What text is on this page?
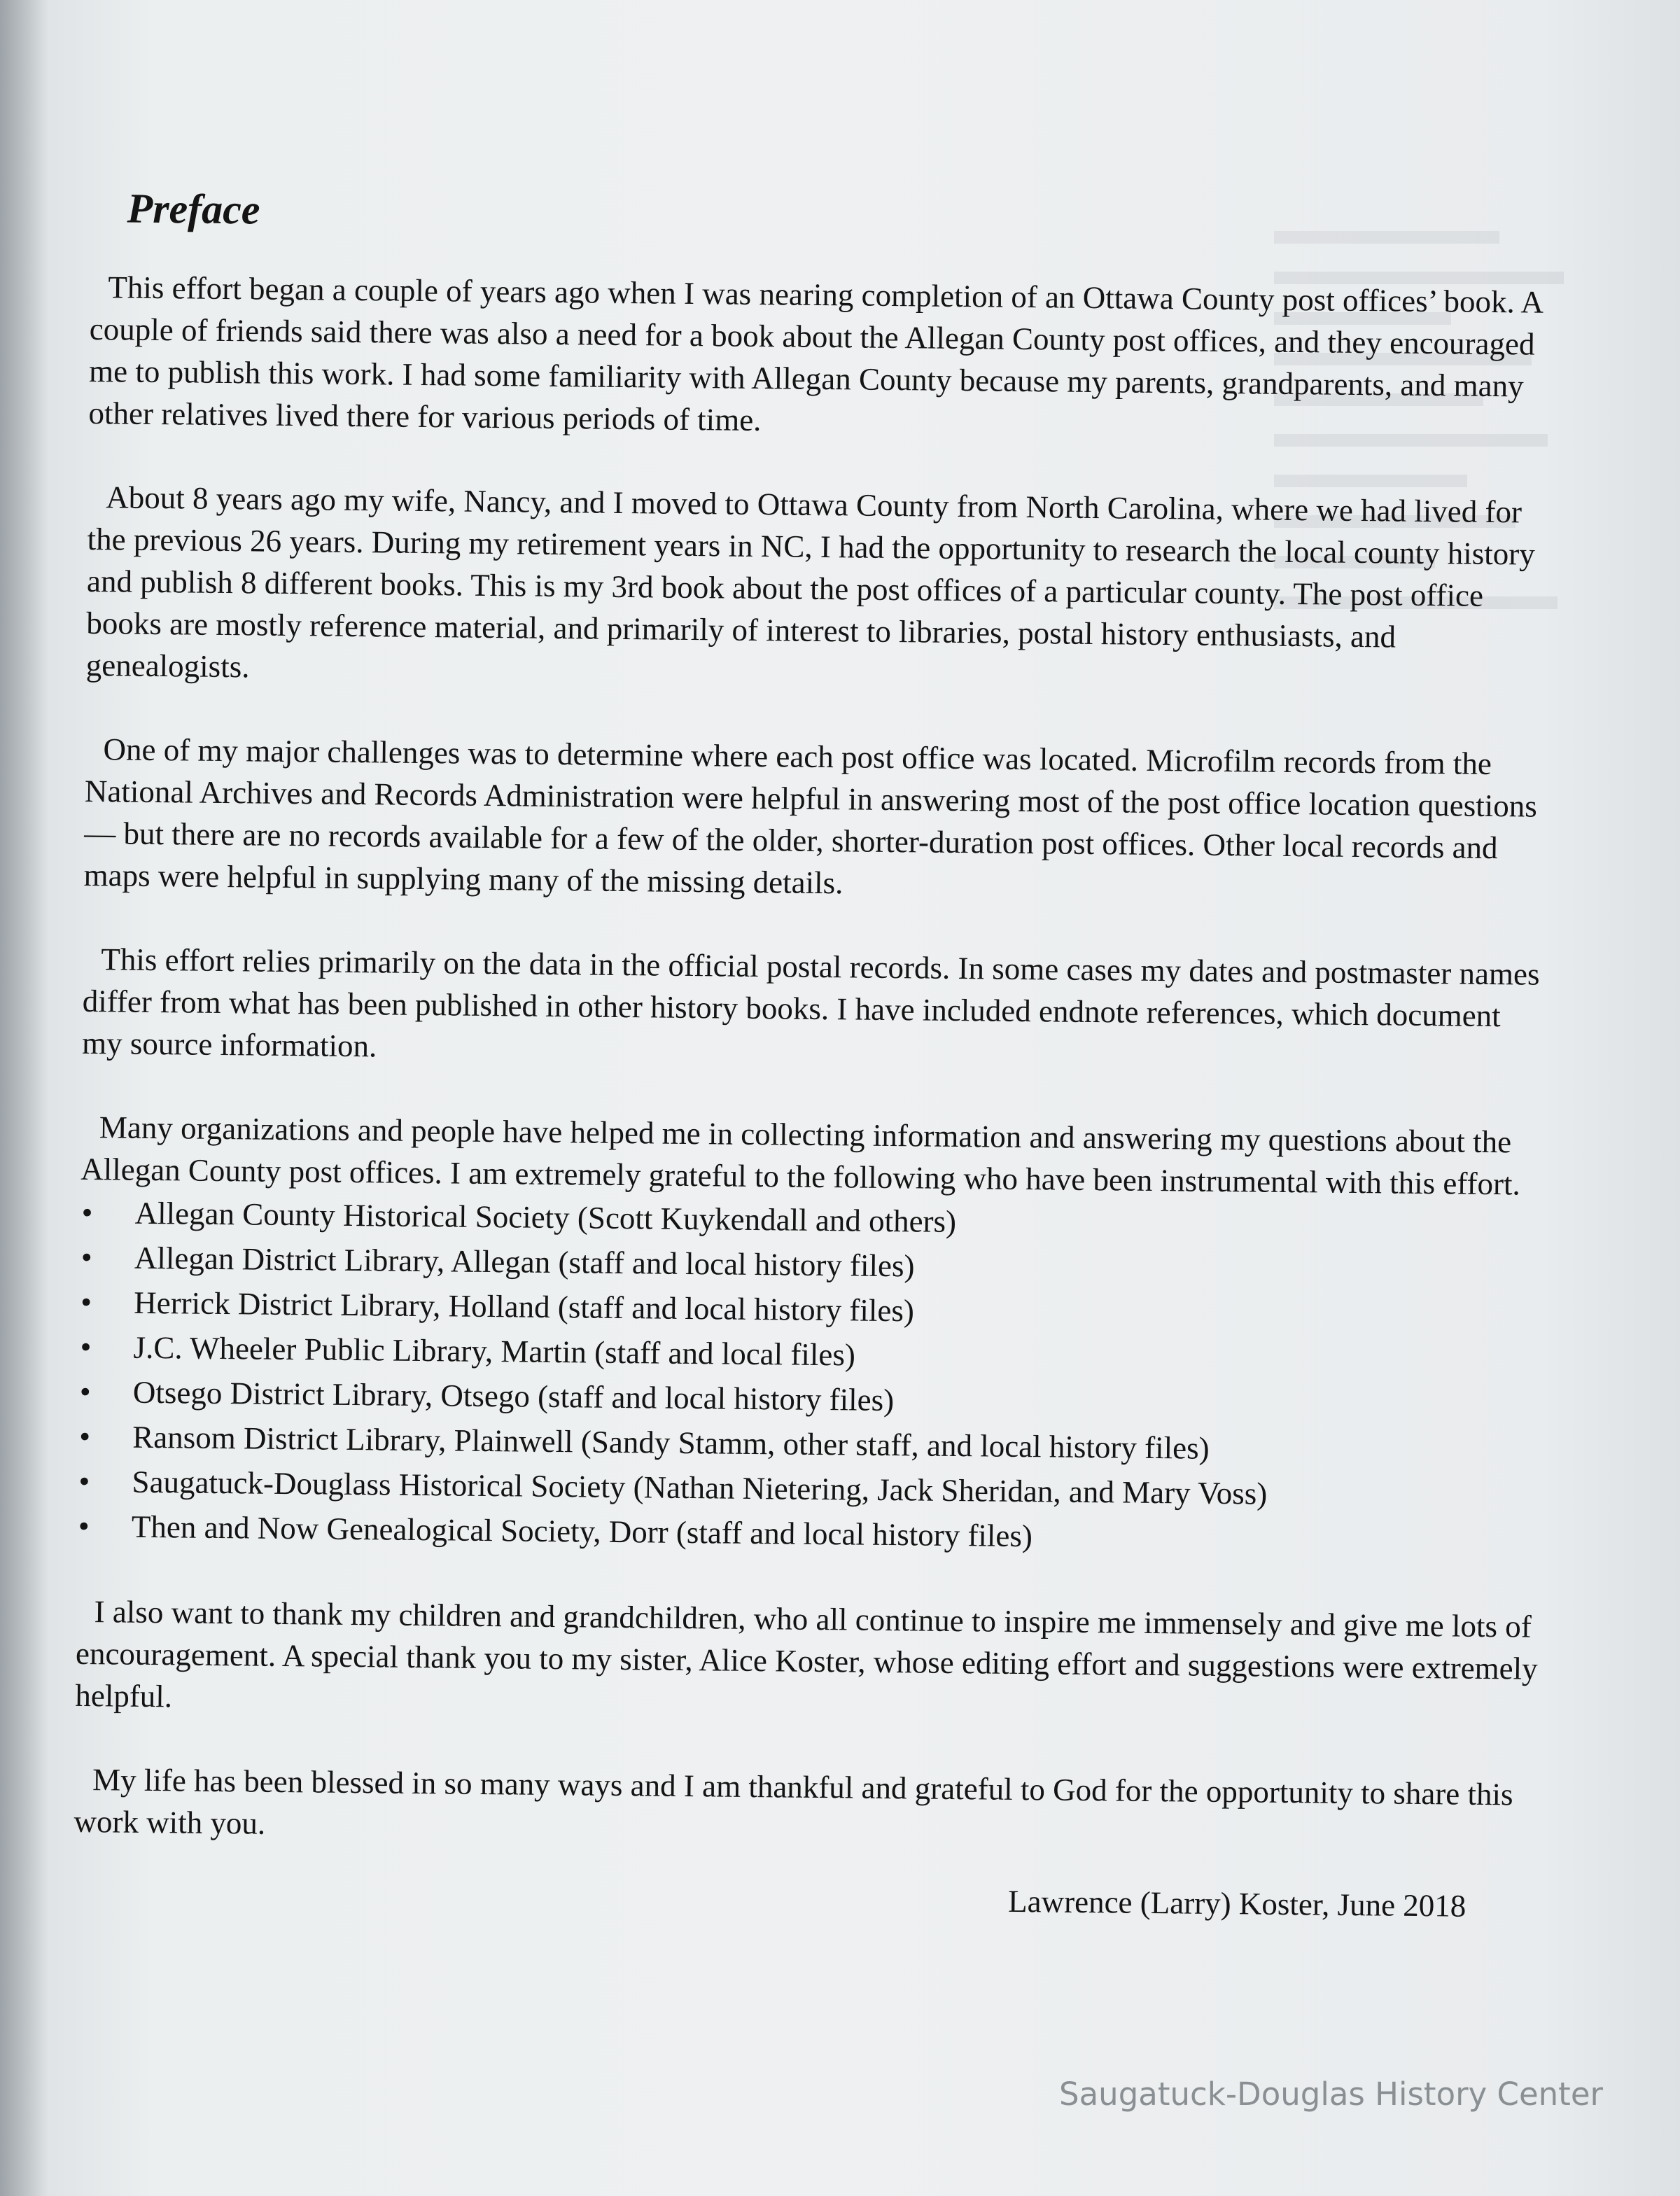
Preface

This effort began a couple of years ago when I was nearing completion of an Ottawa County post offices’ book. A couple of friends said there was also a need for a book about the Allegan County post offices, and they encouraged me to publish this work. I had some familiarity with Allegan County because my parents, grandparents, and many other relatives lived there for various periods of time.

About 8 years ago my wife, Nancy, and I moved to Ottawa County from North Carolina, where we had lived for the previous 26 years. During my retirement years in NC, I had the opportunity to research the local county history and publish 8 different books. This is my 3rd book about the post offices of a particular county. The post office books are mostly reference material, and primarily of interest to libraries, postal history enthusiasts, and genealogists.

One of my major challenges was to determine where each post office was located. Microfilm records from the National Archives and Records Administration were helpful in answering most of the post office location questions — but there are no records available for a few of the older, shorter-duration post offices. Other local records and maps were helpful in supplying many of the missing details.

This effort relies primarily on the data in the official postal records. In some cases my dates and postmaster names differ from what has been published in other history books. I have included endnote references, which document my source information.

Many organizations and people have helped me in collecting information and answering my questions about the Allegan County post offices. I am extremely grateful to the following who have been instrumental with this effort.

• Allegan County Historical Society (Scott Kuykendall and others)
• Allegan District Library, Allegan (staff and local history files)
• Herrick District Library, Holland (staff and local history files)
• J.C. Wheeler Public Library, Martin (staff and local files)
• Otsego District Library, Otsego (staff and local history files)
• Ransom District Library, Plainwell (Sandy Stamm, other staff, and local history files)
• Saugatuck-Douglass Historical Society (Nathan Nietering, Jack Sheridan, and Mary Voss)
• Then and Now Genealogical Society, Dorr (staff and local history files)

I also want to thank my children and grandchildren, who all continue to inspire me immensely and give me lots of encouragement. A special thank you to my sister, Alice Koster, whose editing effort and suggestions were extremely helpful.

My life has been blessed in so many ways and I am thankful and grateful to God for the opportunity to share this work with you.

Lawrence (Larry) Koster, June 2018
Saugatuck-Douglas History Center
